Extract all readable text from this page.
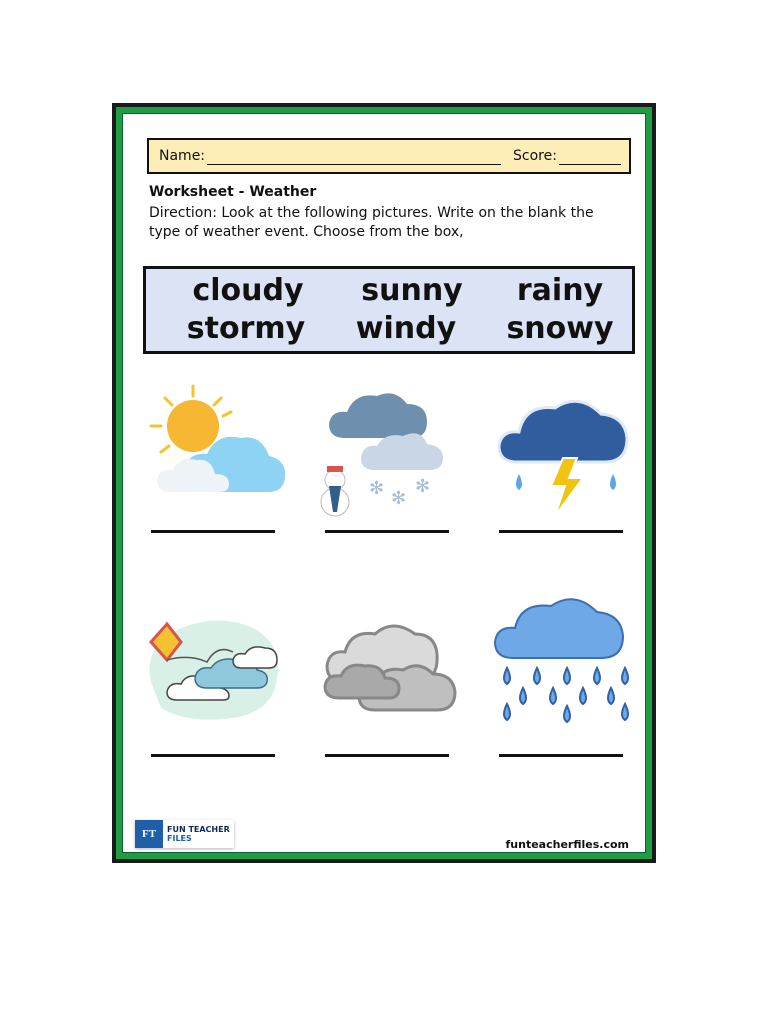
Name:	Score:
Worksheet - Weather
Direction: Look at the following pictures. Write on the blank the type of weather event. Choose from the box,
cloudy	sunny	rainy
stormy	windy	snowy
✻ ✻
✻
FT	FUN TEACHER
FILES	funteacherfiles.com
